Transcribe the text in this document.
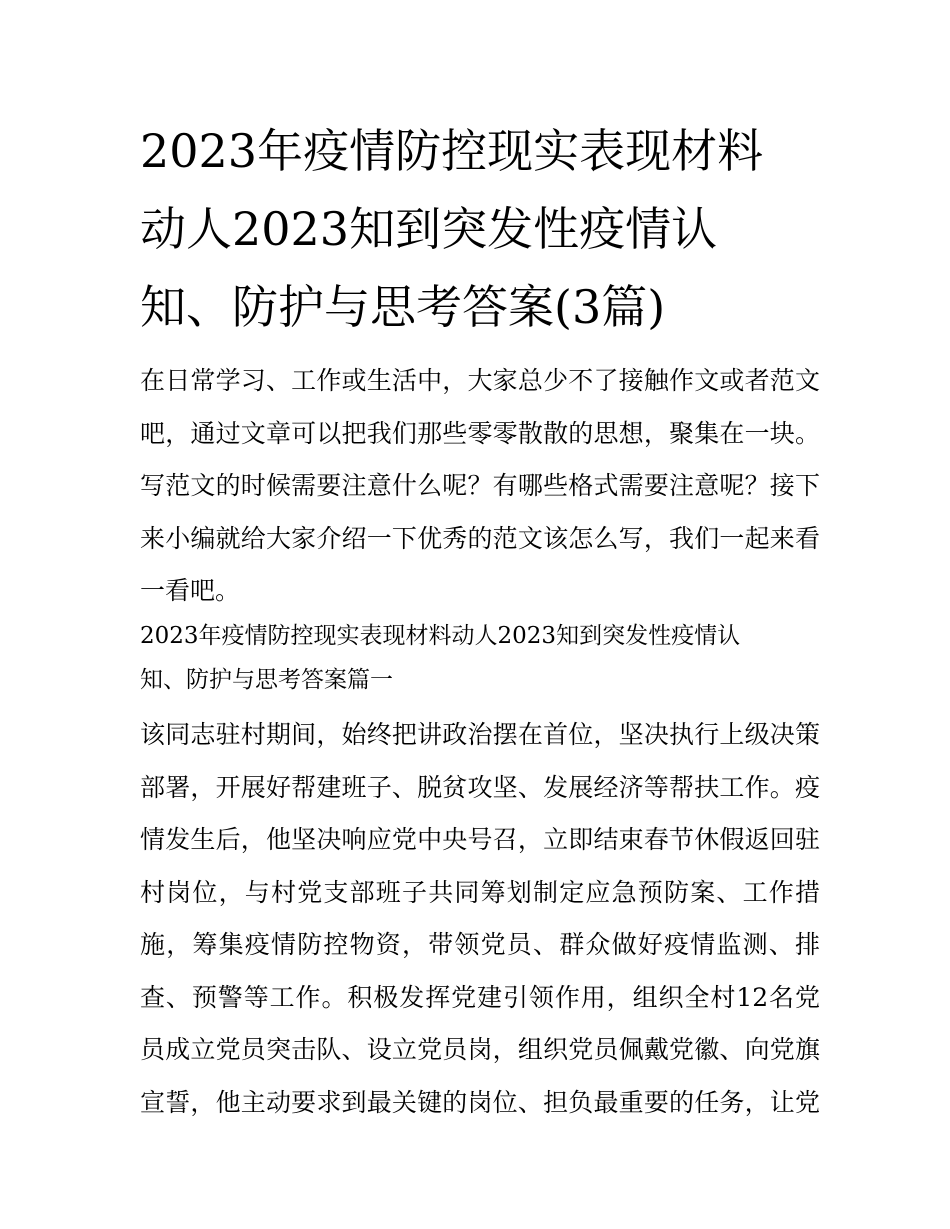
2023年疫情防控现实表现材料
动人2023知到突发性疫情认
知、防护与思考答案(3篇)
在日常学习、工作或生活中，大家总少不了接触作文或者范文
吧，通过文章可以把我们那些零零散散的思想，聚集在一块。
写范文的时候需要注意什么呢？有哪些格式需要注意呢？接下
来小编就给大家介绍一下优秀的范文该怎么写，我们一起来看
一看吧。
2023年疫情防控现实表现材料动人2023知到突发性疫情认
知、防护与思考答案篇一
该同志驻村期间，始终把讲政治摆在首位，坚决执行上级决策
部署，开展好帮建班子、脱贫攻坚、发展经济等帮扶工作。疫
情发生后，他坚决响应党中央号召，立即结束春节休假返回驻
村岗位，与村党支部班子共同筹划制定应急预防案、工作措
施，筹集疫情防控物资，带领党员、群众做好疫情监测、排
查、预警等工作。积极发挥党建引领作用，组织全村12名党
员成立党员突击队、设立党员岗，组织党员佩戴党徽、向党旗
宣誓，他主动要求到最关键的岗位、担负最重要的任务，让党
